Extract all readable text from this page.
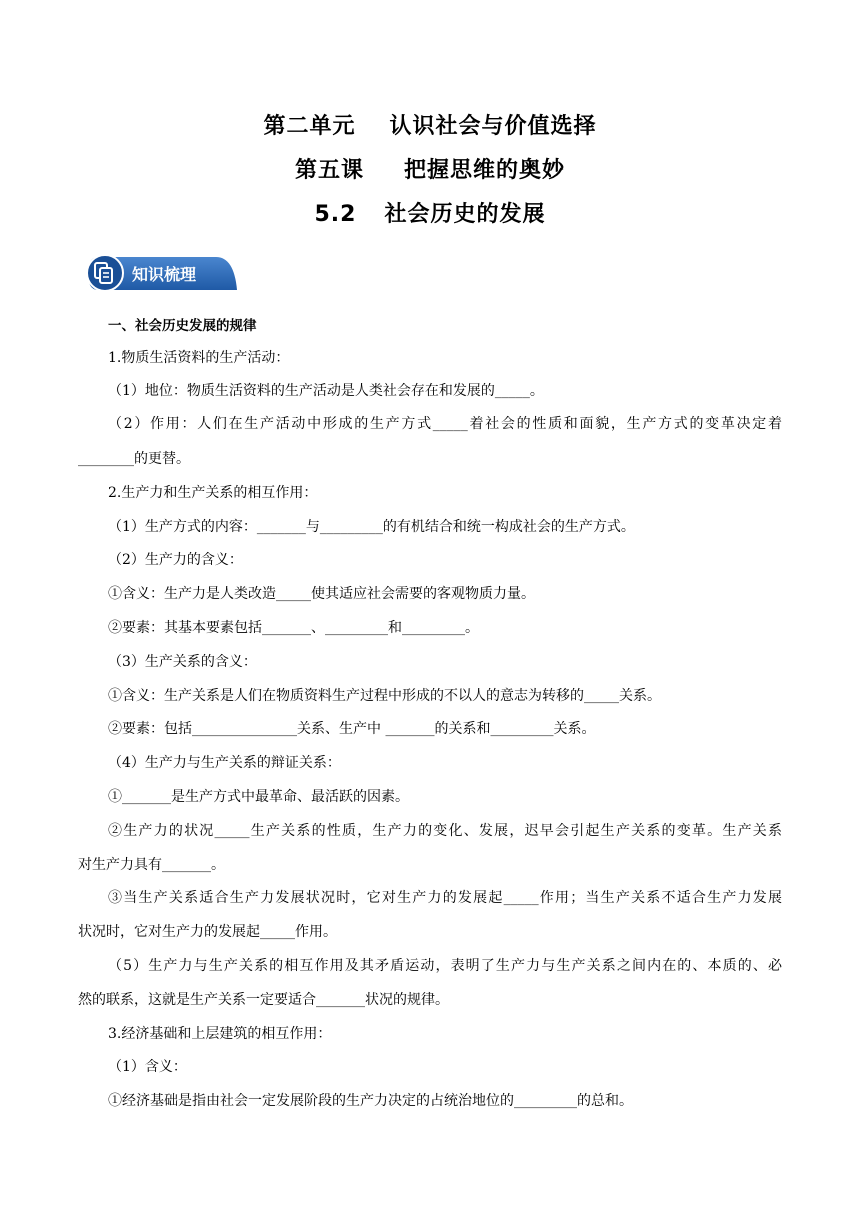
第二单元 认识社会与价值选择
第五课 把握思维的奥妙
5.2 社会历史的发展
知识梳理
一、社会历史发展的规律
1.物质生活资料的生产活动：
（1）地位：物质生活资料的生产活动是人类社会存在和发展的_____。
（2）作用：人们在生产活动中形成的生产方式_____着社会的性质和面貌，生产方式的变革决定着
________的更替。
2.生产力和生产关系的相互作用：
（1）生产方式的内容：_______与_________的有机结合和统一构成社会的生产方式。
（2）生产力的含义：
①含义：生产力是人类改造_____使其适应社会需要的客观物质力量。
②要素：其基本要素包括_______、_________和_________。
（3）生产关系的含义：
①含义：生产关系是人们在物质资料生产过程中形成的不以人的意志为转移的_____关系。
②要素：包括_______________关系、生产中 _______的关系和_________关系。
（4）生产力与生产关系的辩证关系：
①_______是生产方式中最革命、最活跃的因素。
②生产力的状况_____生产关系的性质，生产力的变化、发展，迟早会引起生产关系的变革。生产关系
对生产力具有_______。
③当生产关系适合生产力发展状况时，它对生产力的发展起_____作用；当生产关系不适合生产力发展
状况时，它对生产力的发展起_____作用。
（5）生产力与生产关系的相互作用及其矛盾运动，表明了生产力与生产关系之间内在的、本质的、必
然的联系，这就是生产关系一定要适合_______状况的规律。
3.经济基础和上层建筑的相互作用：
（1）含义：
①经济基础是指由社会一定发展阶段的生产力决定的占统治地位的_________的总和。
